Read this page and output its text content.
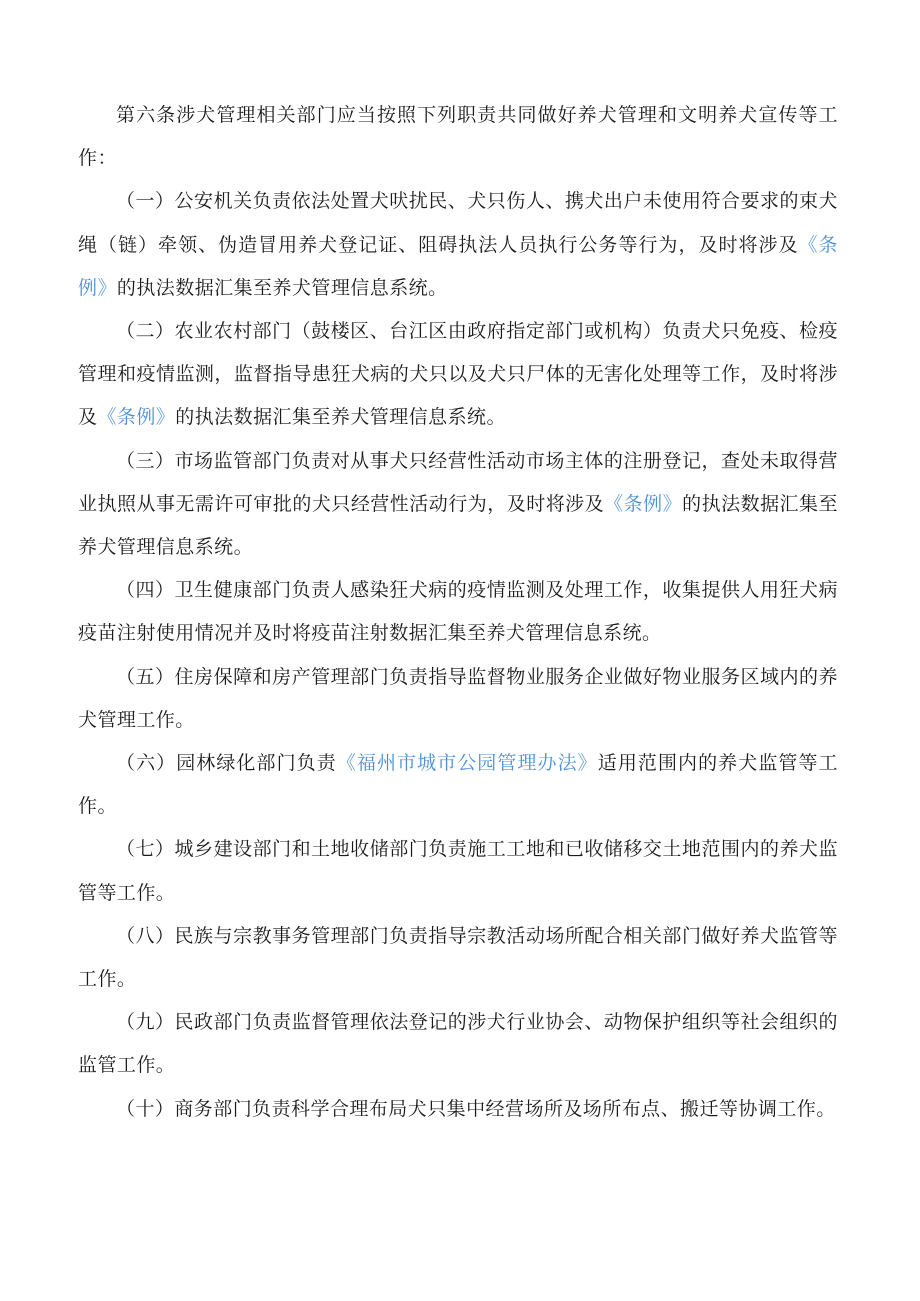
第六条涉犬管理相关部门应当按照下列职责共同做好养犬管理和文明养犬宣传等工作：

（一）公安机关负责依法处置犬吠扰民、犬只伤人、携犬出户未使用符合要求的束犬绳（链）牵领、伪造冒用养犬登记证、阻碍执法人员执行公务等行为，及时将涉及《条例》的执法数据汇集至养犬管理信息系统。

（二）农业农村部门（鼓楼区、台江区由政府指定部门或机构）负责犬只免疫、检疫管理和疫情监测，监督指导患狂犬病的犬只以及犬只尸体的无害化处理等工作，及时将涉及《条例》的执法数据汇集至养犬管理信息系统。

（三）市场监管部门负责对从事犬只经营性活动市场主体的注册登记，查处未取得营业执照从事无需许可审批的犬只经营性活动行为，及时将涉及《条例》的执法数据汇集至养犬管理信息系统。

（四）卫生健康部门负责人感染狂犬病的疫情监测及处理工作，收集提供人用狂犬病疫苗注射使用情况并及时将疫苗注射数据汇集至养犬管理信息系统。

（五）住房保障和房产管理部门负责指导监督物业服务企业做好物业服务区域内的养犬管理工作。

（六）园林绿化部门负责《福州市城市公园管理办法》适用范围内的养犬监管等工作。

（七）城乡建设部门和土地收储部门负责施工工地和已收储移交土地范围内的养犬监管等工作。

（八）民族与宗教事务管理部门负责指导宗教活动场所配合相关部门做好养犬监管等工作。

（九）民政部门负责监督管理依法登记的涉犬行业协会、动物保护组织等社会组织的监管工作。

（十）商务部门负责科学合理布局犬只集中经营场所及场所布点、搬迁等协调工作。
